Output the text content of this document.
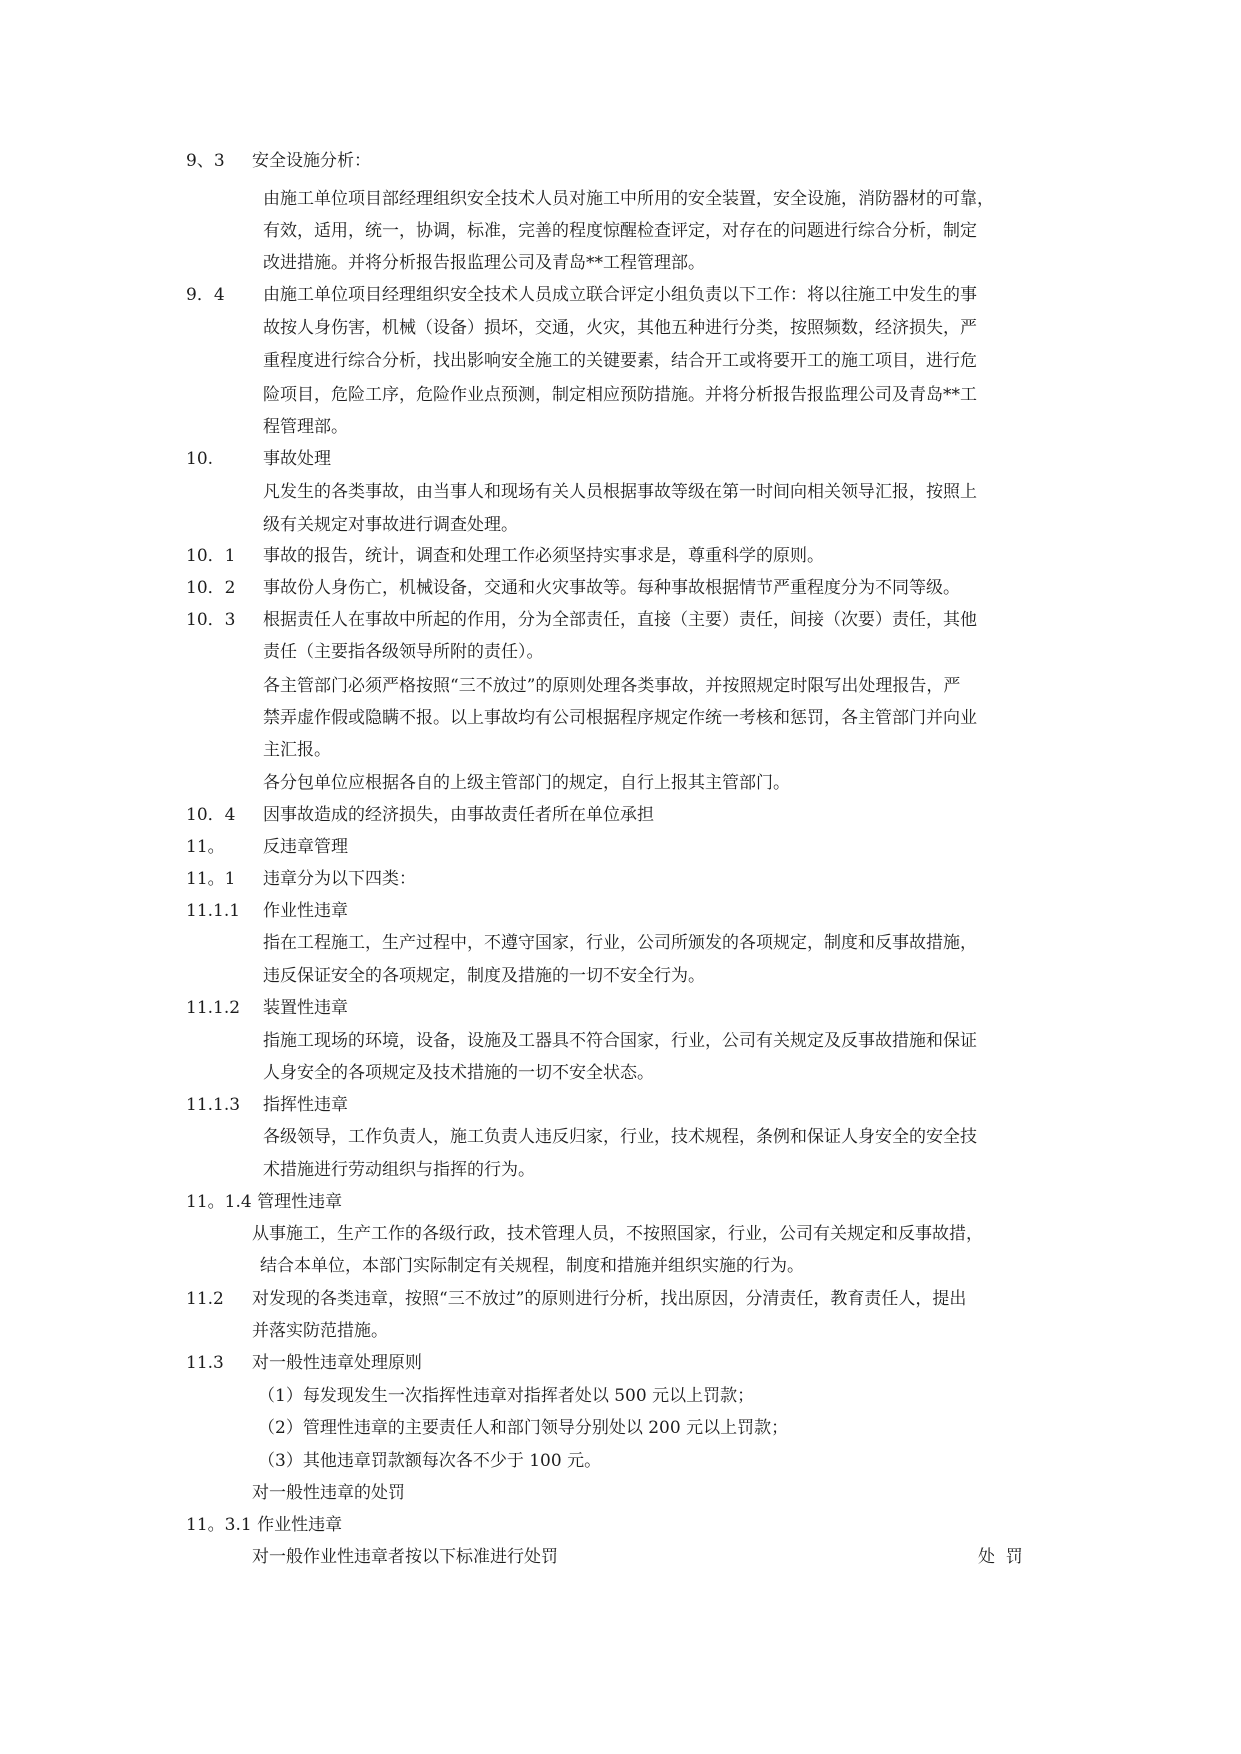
9、3 安全设施分析：
由施工单位项目部经理组织安全技术人员对施工中所用的安全装置，安全设施，消防器材的可靠，
有效，适用，统一，协调，标准，完善的程度惊醒检查评定，对存在的问题进行综合分析，制定
改进措施。并将分析报告报监理公司及青岛**工程管理部。
9．4 由施工单位项目经理组织安全技术人员成立联合评定小组负责以下工作：将以往施工中发生的事
故按人身伤害，机械（设备）损坏，交通，火灾，其他五种进行分类，按照频数，经济损失，严
重程度进行综合分析，找出影响安全施工的关键要素，结合开工或将要开工的施工项目，进行危
险项目，危险工序，危险作业点预测，制定相应预防措施。并将分析报告报监理公司及青岛**工
程管理部。
10.	事故处理
凡发生的各类事故，由当事人和现场有关人员根据事故等级在第一时间向相关领导汇报，按照上
级有关规定对事故进行调查处理。
10．1 事故的报告，统计，调查和处理工作必须坚持实事求是，尊重科学的原则。
10．2 事故份人身伤亡，机械设备，交通和火灾事故等。每种事故根据情节严重程度分为不同等级。
10．3 根据责任人在事故中所起的作用，分为全部责任，直接（主要）责任，间接（次要）责任，其他
责任（主要指各级领导所附的责任）。
各主管部门必须严格按照“三不放过”的原则处理各类事故，并按照规定时限写出处理报告，严
禁弄虚作假或隐瞒不报。以上事故均有公司根据程序规定作统一考核和惩罚，各主管部门并向业
主汇报。
各分包单位应根据各自的上级主管部门的规定，自行上报其主管部门。
10．4 因事故造成的经济损失，由事故责任者所在单位承担
11。 反违章管理
11。1 违章分为以下四类：
11.1.1 作业性违章
指在工程施工，生产过程中，不遵守国家，行业，公司所颁发的各项规定，制度和反事故措施，
违反保证安全的各项规定，制度及措施的一切不安全行为。
11.1.2 装置性违章
指施工现场的环境，设备，设施及工器具不符合国家，行业，公司有关规定及反事故措施和保证
人身安全的各项规定及技术措施的一切不安全状态。
11.1.3 指挥性违章
各级领导，工作负责人，施工负责人违反归家，行业，技术规程，条例和保证人身安全的安全技
术措施进行劳动组织与指挥的行为。
11。1.4 管理性违章
从事施工，生产工作的各级行政，技术管理人员，不按照国家，行业，公司有关规定和反事故措，
结合本单位，本部门实际制定有关规程，制度和措施并组织实施的行为。
11.2 对发现的各类违章，按照“三不放过”的原则进行分析，找出原因，分清责任，教育责任人，提出
并落实防范措施。
11.3 对一般性违章处理原则
（1）每发现发生一次指挥性违章对指挥者处以 500 元以上罚款；
（2）管理性违章的主要责任人和部门领导分别处以 200 元以上罚款；
（3）其他违章罚款额每次各不少于 100 元。
对一般性违章的处罚
11。3.1 作业性违章
对一般作业性违章者按以下标准进行处罚	处  罚
